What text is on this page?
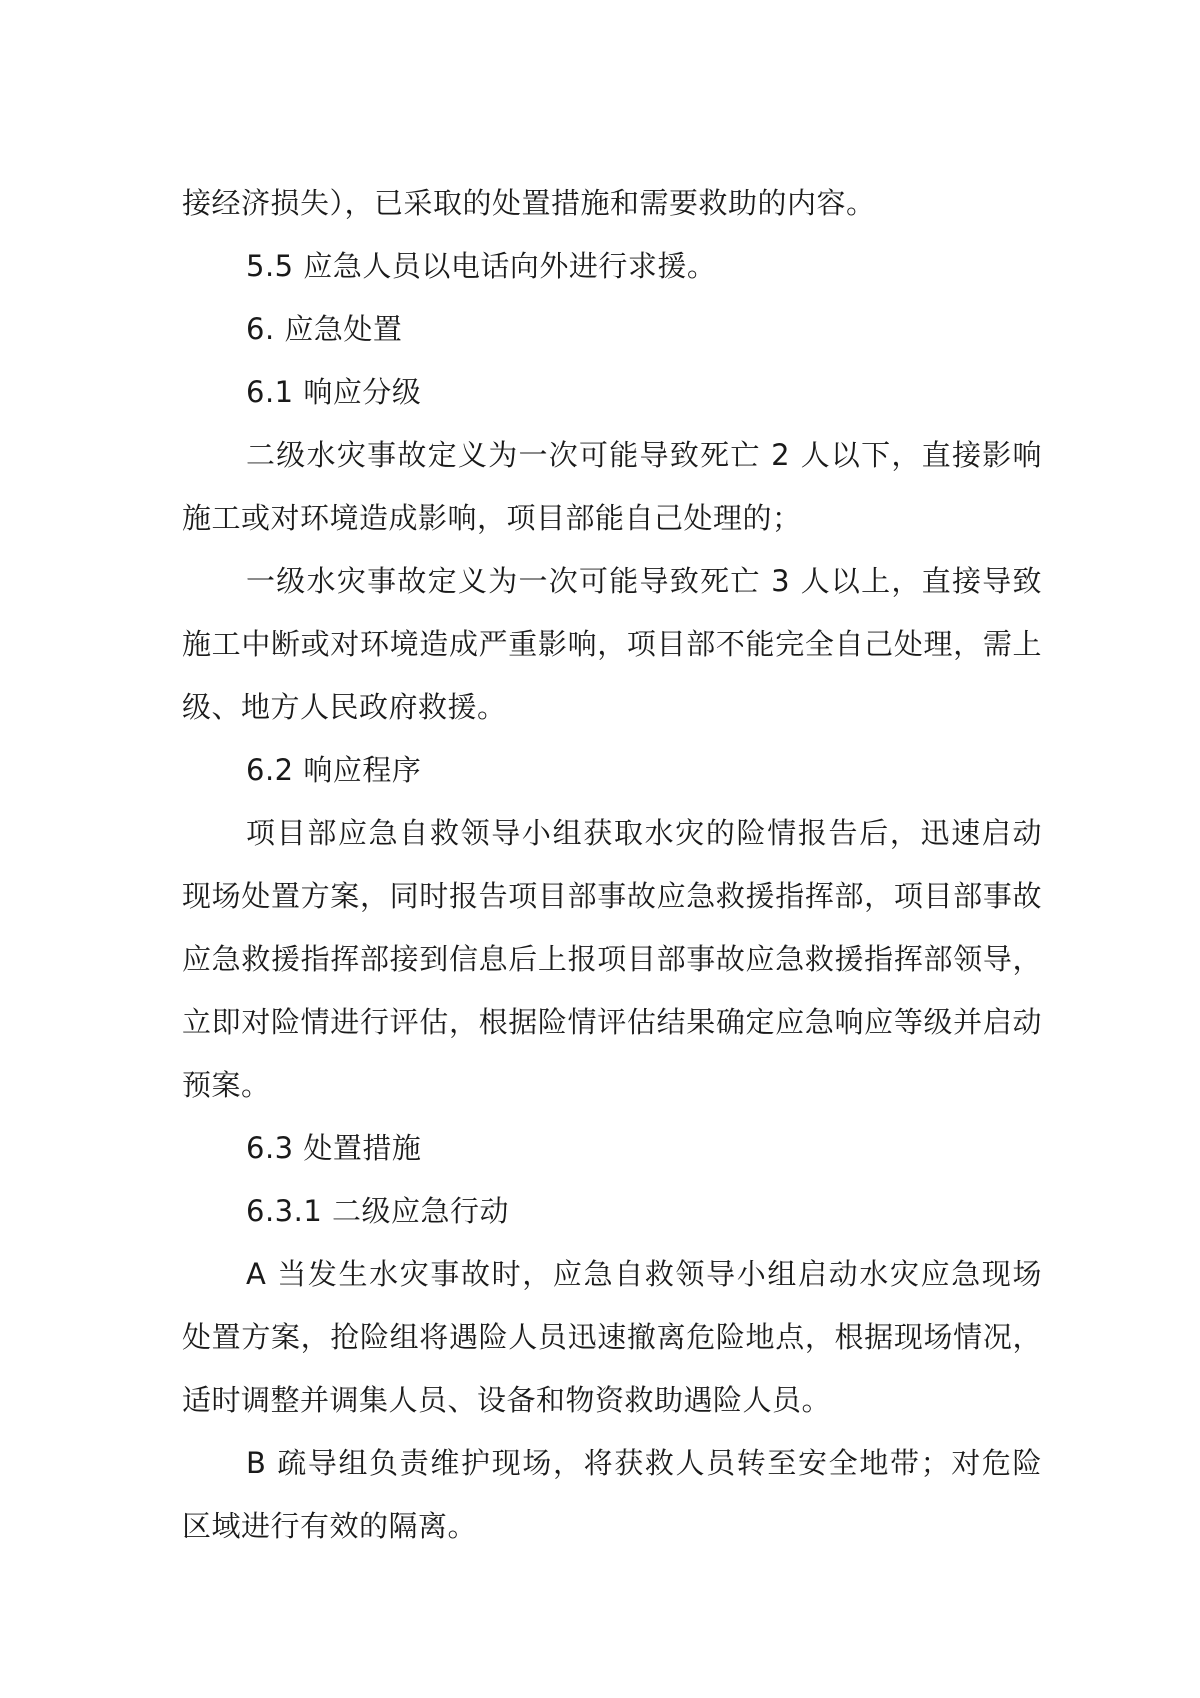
接经济损失），已采取的处置措施和需要救助的内容。

5.5 应急人员以电话向外进行求援。

6. 应急处置

6.1 响应分级

二级水灾事故定义为一次可能导致死亡 2 人以下，直接影响施工或对环境造成影响，项目部能自己处理的；

一级水灾事故定义为一次可能导致死亡 3 人以上，直接导致施工中断或对环境造成严重影响，项目部不能完全自己处理，需上级、地方人民政府救援。

6.2 响应程序

项目部应急自救领导小组获取水灾的险情报告后，迅速启动现场处置方案，同时报告项目部事故应急救援指挥部，项目部事故应急救援指挥部接到信息后上报项目部事故应急救援指挥部领导，立即对险情进行评估，根据险情评估结果确定应急响应等级并启动预案。

6.3 处置措施

6.3.1 二级应急行动

A 当发生水灾事故时，应急自救领导小组启动水灾应急现场处置方案，抢险组将遇险人员迅速撤离危险地点，根据现场情况，适时调整并调集人员、设备和物资救助遇险人员。

B 疏导组负责维护现场，将获救人员转至安全地带；对危险区域进行有效的隔离。
